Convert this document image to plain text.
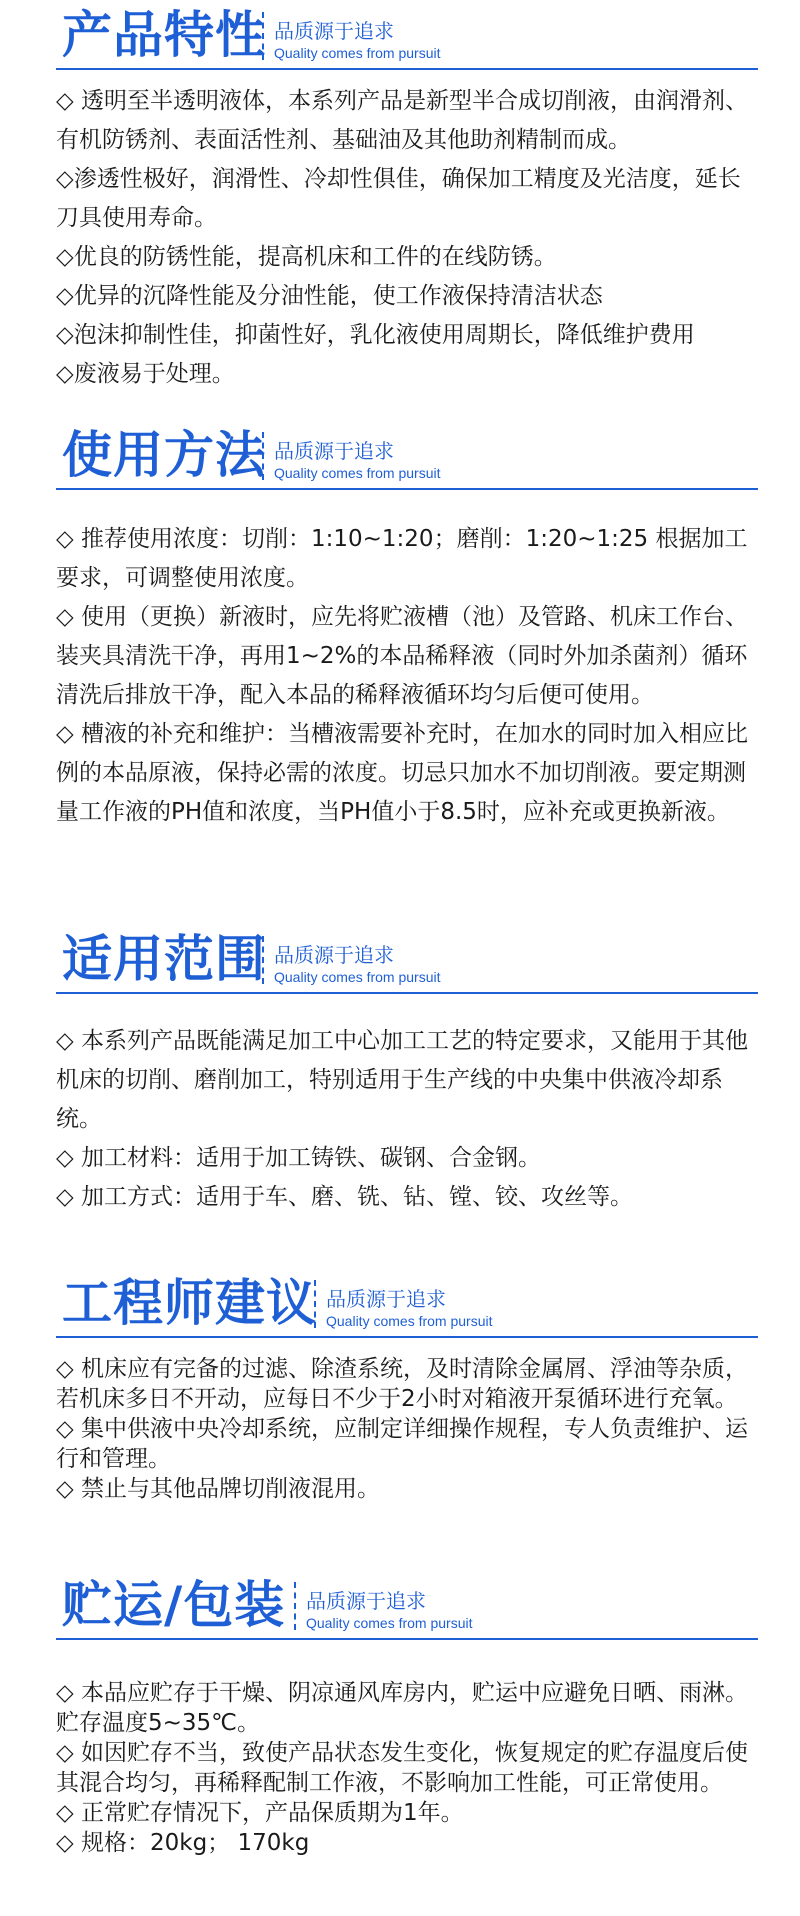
产品特性 品质源于追求
Quality comes from pursuit

◇ 透明至半透明液体，本系列产品是新型半合成切削液，由润滑剂、有机防锈剂、表面活性剂、基础油及其他助剂精制而成。

◇渗透性极好，润滑性、冷却性俱佳，确保加工精度及光洁度，延长刀具使用寿命。

◇优良的防锈性能，提高机床和工件的在线防锈。

◇优异的沉降性能及分油性能，使工作液保持清洁状态

◇泡沫抑制性佳，抑菌性好，乳化液使用周期长，降低维护费用

◇废液易于处理。

使用方法 品质源于追求
Quality comes from pursuit

◇ 推荐使用浓度：切削：1:10~1:20；磨削：1:20~1:25 根据加工要求，可调整使用浓度。

◇ 使用（更换）新液时，应先将贮液槽（池）及管路、机床工作台、装夹具清洗干净，再用1~2%的本品稀释液（同时外加杀菌剂）循环清洗后排放干净，配入本品的稀释液循环均匀后便可使用。

◇ 槽液的补充和维护：当槽液需要补充时，在加水的同时加入相应比例的本品原液，保持必需的浓度。切忌只加水不加切削液。要定期测量工作液的PH值和浓度，当PH值小于8.5时，应补充或更换新液。

适用范围 品质源于追求
Quality comes from pursuit

◇ 本系列产品既能满足加工中心加工工艺的特定要求，又能用于其他机床的切削、磨削加工，特别适用于生产线的中央集中供液冷却系统。

◇ 加工材料：适用于加工铸铁、碳钢、合金钢。

◇ 加工方式：适用于车、磨、铣、钻、镗、铰、攻丝等。

工程师建议 品质源于追求
Quality comes from pursuit

◇ 机床应有完备的过滤、除渣系统，及时清除金属屑、浮油等杂质，若机床多日不开动，应每日不少于2小时对箱液开泵循环进行充氧。

◇ 集中供液中央冷却系统，应制定详细操作规程，专人负责维护、运行和管理。

◇ 禁止与其他品牌切削液混用。

贮运/包装 品质源于追求
Quality comes from pursuit

◇ 本品应贮存于干燥、阴凉通风库房内，贮运中应避免日晒、雨淋。 贮存温度5~35℃。

◇ 如因贮存不当，致使产品状态发生变化，恢复规定的贮存温度后使其混合均匀，再稀释配制工作液，不影响加工性能，可正常使用。

◇ 正常贮存情况下，产品保质期为1年。

◇ 规格：20kg； 170kg
